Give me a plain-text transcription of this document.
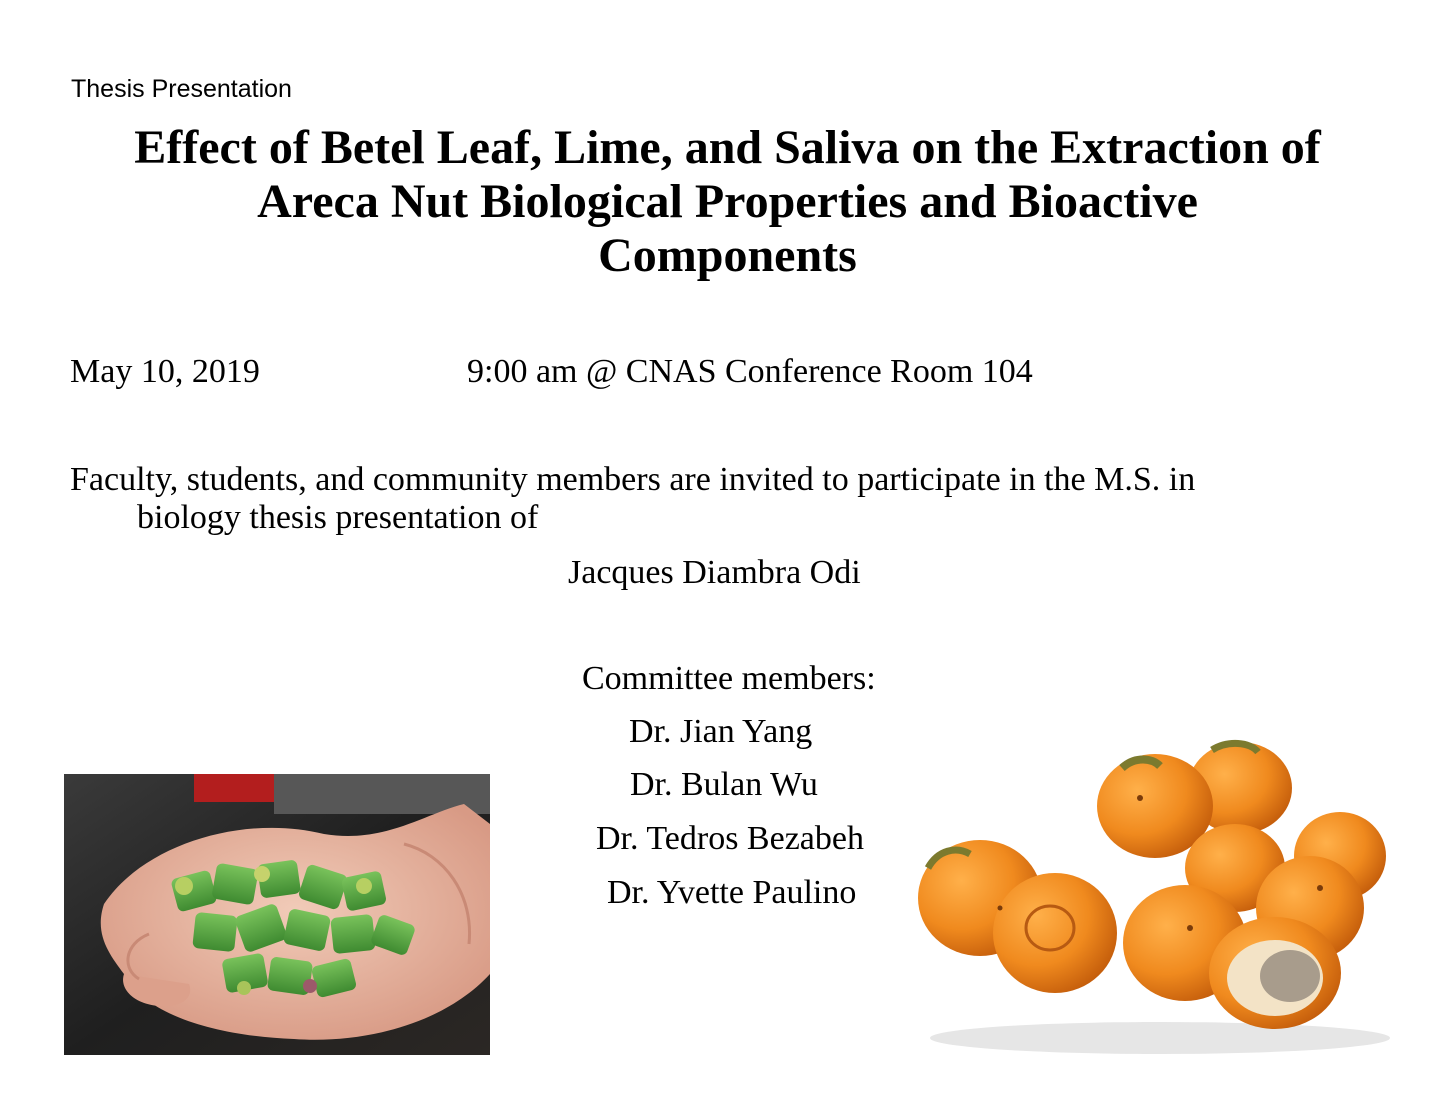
Thesis Presentation
Effect of Betel Leaf, Lime, and Saliva on the Extraction of
Areca Nut Biological Properties and Bioactive
Components
May 10, 2019	9:00 am @ CNAS Conference Room 104
Faculty, students, and community members are invited to participate in the M.S. in
biology thesis presentation of
Jacques Diambra Odi
Committee members:
Dr. Jian Yang
Dr. Bulan Wu
Dr. Tedros Bezabeh
Dr. Yvette Paulino
